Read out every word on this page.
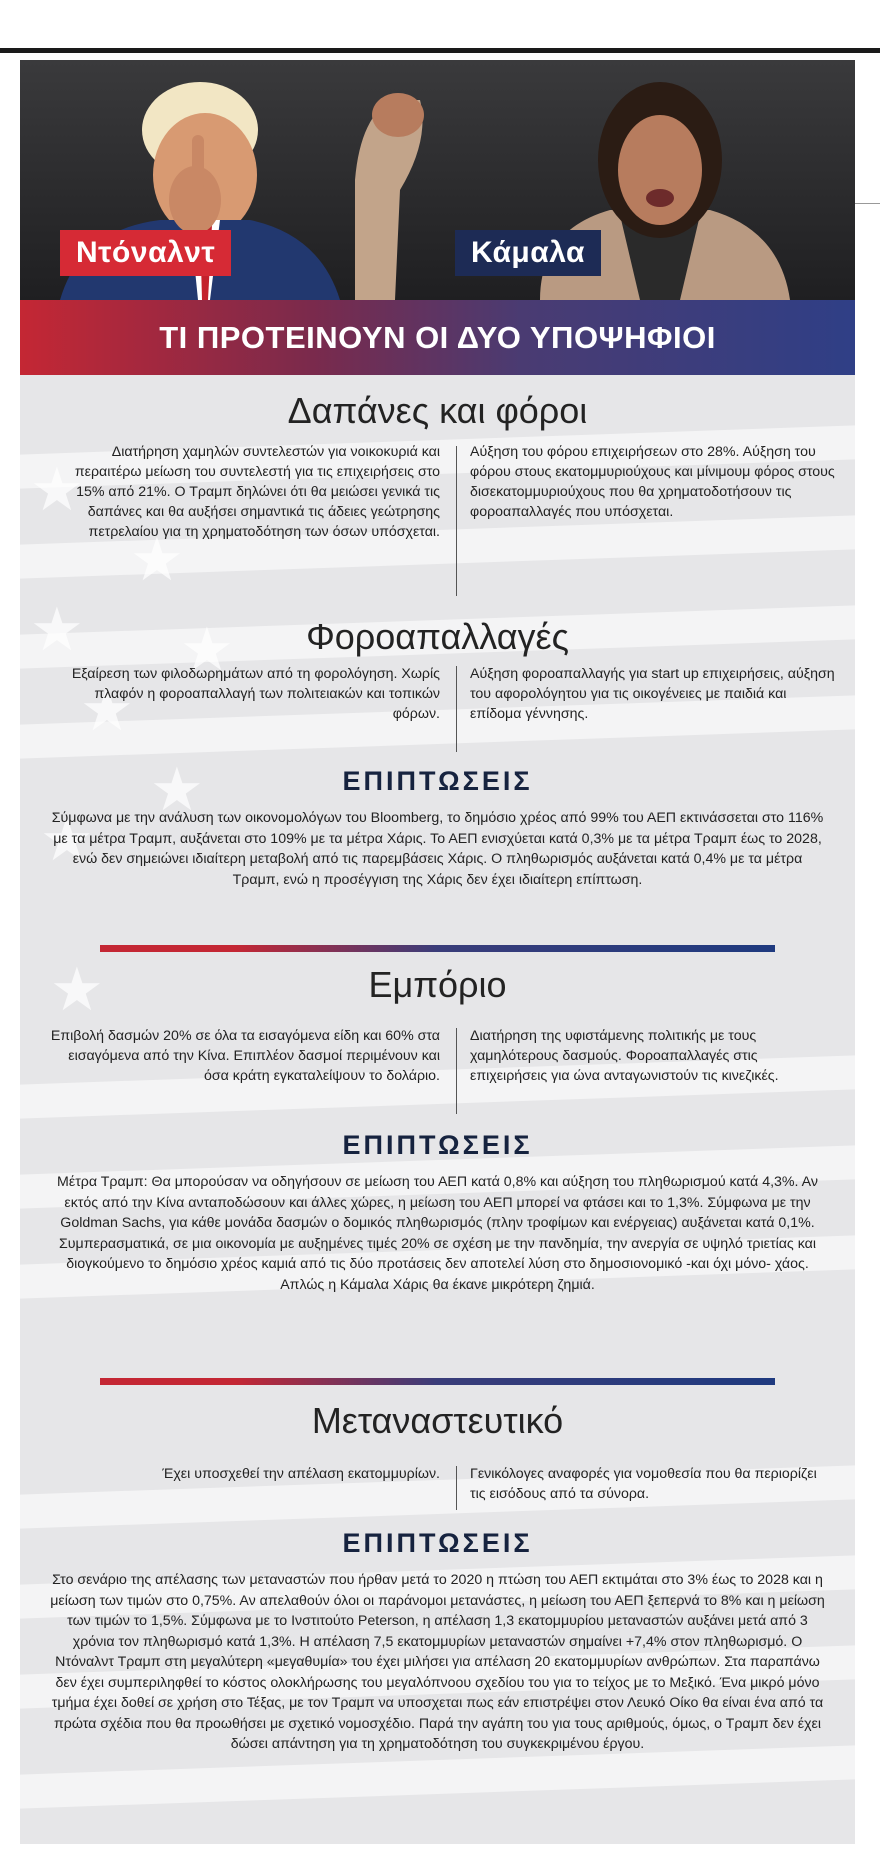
★
★
★
★
★
★
★
★
Ντόναλντ	Κάμαλα
ΤΙ ΠΡΟΤΕΙΝΟΥΝ ΟΙ ΔΥΟ ΥΠΟΨΗΦΙΟΙ
Δαπάνες και φόροι
Διατήρηση χαμηλών συντελεστών για νοικοκυριά και περαιτέρω μείωση του συντελεστή για τις επιχειρήσεις στο 15% από 21%. Ο Τραμπ δηλώνει ότι θα μειώσει γενικά τις δαπάνες και θα αυξήσει σημαντικά τις άδειες γεώτρησης πετρελαίου για τη χρηματοδότηση των όσων υπόσχεται.
Αύξηση του φόρου επιχειρήσεων στο 28%. Αύξηση του φόρου στους εκατομμυριούχους και μίνιμουμ φόρος στους δισεκατομμυριούχους που θα χρηματοδοτήσουν τις φοροαπαλλαγές που υπόσχεται.
Φοροαπαλλαγές
Εξαίρεση των φιλοδωρημάτων από τη φορολόγηση. Χωρίς πλαφόν η φοροαπαλλαγή των πολιτειακών και τοπικών φόρων.
Αύξηση φοροαπαλλαγής για start up επιχειρήσεις, αύξηση του αφορολόγητου για τις οικογένειες με παιδιά και επίδομα γέννησης.
ΕΠΙΠΤΩΣΕΙΣ
Σύμφωνα με την ανάλυση των οικονομολόγων του Bloomberg, το δημόσιο χρέος από 99% του ΑΕΠ εκτινάσσεται στο 116% με τα μέτρα Τραμπ, αυξάνεται στο 109% με τα μέτρα Χάρις. Το ΑΕΠ ενισχύεται κατά 0,3% με τα μέτρα Τραμπ έως το 2028, ενώ δεν σημειώνει ιδιαίτερη μεταβολή από τις παρεμβάσεις Χάρις. Ο πληθωρισμός αυξάνεται κατά 0,4% με τα μέτρα Τραμπ, ενώ η προσέγγιση της Χάρις δεν έχει ιδιαίτερη επίπτωση.
Εμπόριο
Επιβολή δασμών 20% σε όλα τα εισαγόμενα είδη και 60% στα εισαγόμενα από την Κίνα. Επιπλέον δασμοί περιμένουν και όσα κράτη εγκαταλείψουν το δολάριο.
Διατήρηση της υφιστάμενης πολιτικής με τους χαμηλότερους δασμούς. Φοροαπαλλαγές στις επιχειρήσεις για ώνα ανταγωνιστούν τις κινεζικές.
ΕΠΙΠΤΩΣΕΙΣ
Μέτρα Τραμπ: Θα μπορούσαν να οδηγήσουν σε μείωση του ΑΕΠ κατά 0,8% και αύξηση του πληθωρισμού κατά 4,3%. Αν εκτός από την Κίνα ανταποδώσουν και άλλες χώρες, η μείωση του ΑΕΠ μπορεί να φτάσει και το 1,3%. Σύμφωνα με την Goldman Sachs, για κάθε μονάδα δασμών ο δομικός πληθωρισμός (πλην τροφίμων και ενέργειας) αυξάνεται κατά 0,1%. Συμπερασματικά, σε μια οικονομία με αυξημένες τιμές 20% σε σχέση με την πανδημία, την ανεργία σε υψηλό τριετίας και διογκούμενο το δημόσιο χρέος καμιά από τις δύο προτάσεις δεν αποτελεί λύση στο δημοσιονομικό -και όχι μόνο- χάος. Απλώς η Κάμαλα Χάρις θα έκανε μικρότερη ζημιά.
Μεταναστευτικό
Έχει υποσχεθεί την απέλαση εκατομμυρίων. Γενικόλογες αναφορές για νομοθεσία που θα περιορίζει τις εισόδους από τα σύνορα.
ΕΠΙΠΤΩΣΕΙΣ
Στο σενάριο της απέλασης των μεταναστών που ήρθαν μετά το 2020 η πτώση του ΑΕΠ εκτιμάται στο 3% έως το 2028 και η μείωση των τιμών στο 0,75%. Αν απελαθούν όλοι οι παράνομοι μετανάστες, η μείωση του ΑΕΠ ξεπερνά το 8% και η μείωση των τιμών το 1,5%. Σύμφωνα με το Ινστιτούτο Peterson, η απέλαση 1,3 εκατομμυρίου μεταναστών αυξάνει μετά από 3 χρόνια τον πληθωρισμό κατά 1,3%. Η απέλαση 7,5 εκατομμυρίων μεταναστών σημαίνει +7,4% στον πληθωρισμό. Ο Ντόναλντ Τραμπ στη μεγαλύτερη «μεγαθυμία» του έχει μιλήσει για απέλαση 20 εκατομμυρίων ανθρώπων. Στα παραπάνω δεν έχει συμπεριληφθεί το κόστος ολοκλήρωσης του μεγαλόπνοου σχεδίου του για το τείχος με το Μεξικό. Ένα μικρό μόνο τμήμα έχει δοθεί σε χρήση στο Τέξας, με τον Τραμπ να υποσχεται πως εάν επιστρέψει στον Λευκό Οίκο θα είναι ένα από τα πρώτα σχέδια που θα προωθήσει με σχετικό νομοσχέδιο. Παρά την αγάπη του για τους αριθμούς, όμως, ο Τραμπ δεν έχει δώσει απάντηση για τη χρηματοδότηση του συγκεκριμένου έργου.
